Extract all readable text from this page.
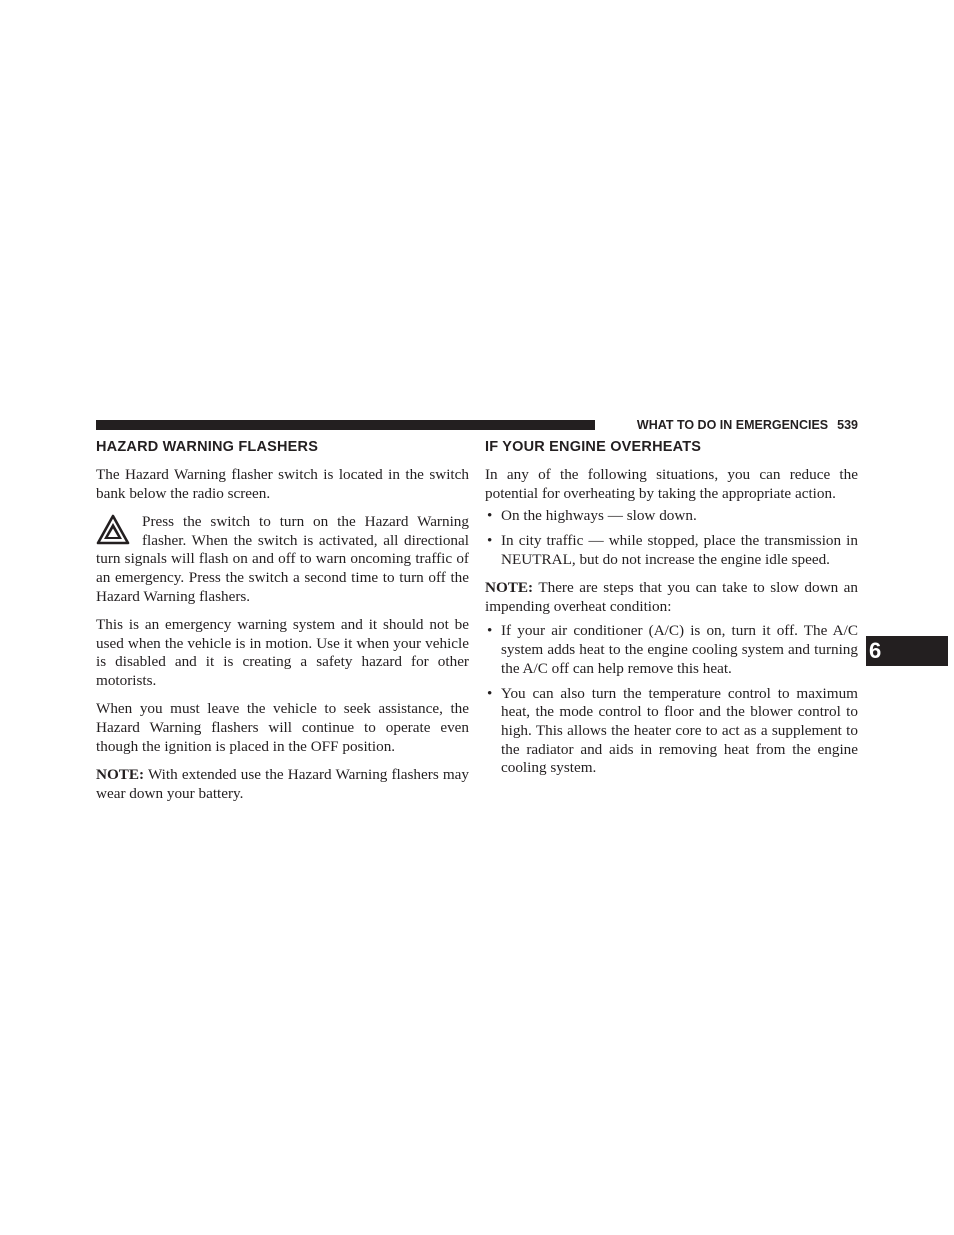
WHAT TO DO IN EMERGENCIES 539
HAZARD WARNING FLASHERS

The Hazard Warning flasher switch is located in the switch bank below the radio screen.

Press the switch to turn on the Hazard Warning flasher. When the switch is activated, all directional turn signals will flash on and off to warn oncoming traffic of an emergency. Press the switch a second time to turn off the Hazard Warning flashers.

This is an emergency warning system and it should not be used when the vehicle is in motion. Use it when your vehicle is disabled and it is creating a safety hazard for other motorists.

When you must leave the vehicle to seek assistance, the Hazard Warning flashers will continue to operate even though the ignition is placed in the OFF position.

NOTE: With extended use the Hazard Warning flashers may wear down your battery.

IF YOUR ENGINE OVERHEATS

In any of the following situations, you can reduce the potential for overheating by taking the appropriate action.

• On the highways — slow down.
• In city traffic — while stopped, place the transmission in NEUTRAL, but do not increase the engine idle speed.

NOTE: There are steps that you can take to slow down an impending overheat condition:

• If your air conditioner (A/C) is on, turn it off. The A/C system adds heat to the engine cooling system and turning the A/C off can help remove this heat.
• You can also turn the temperature control to maximum heat, the mode control to floor and the blower control to high. This allows the heater core to act as a supplement to the radiator and aids in removing heat from the engine cooling system.
6
